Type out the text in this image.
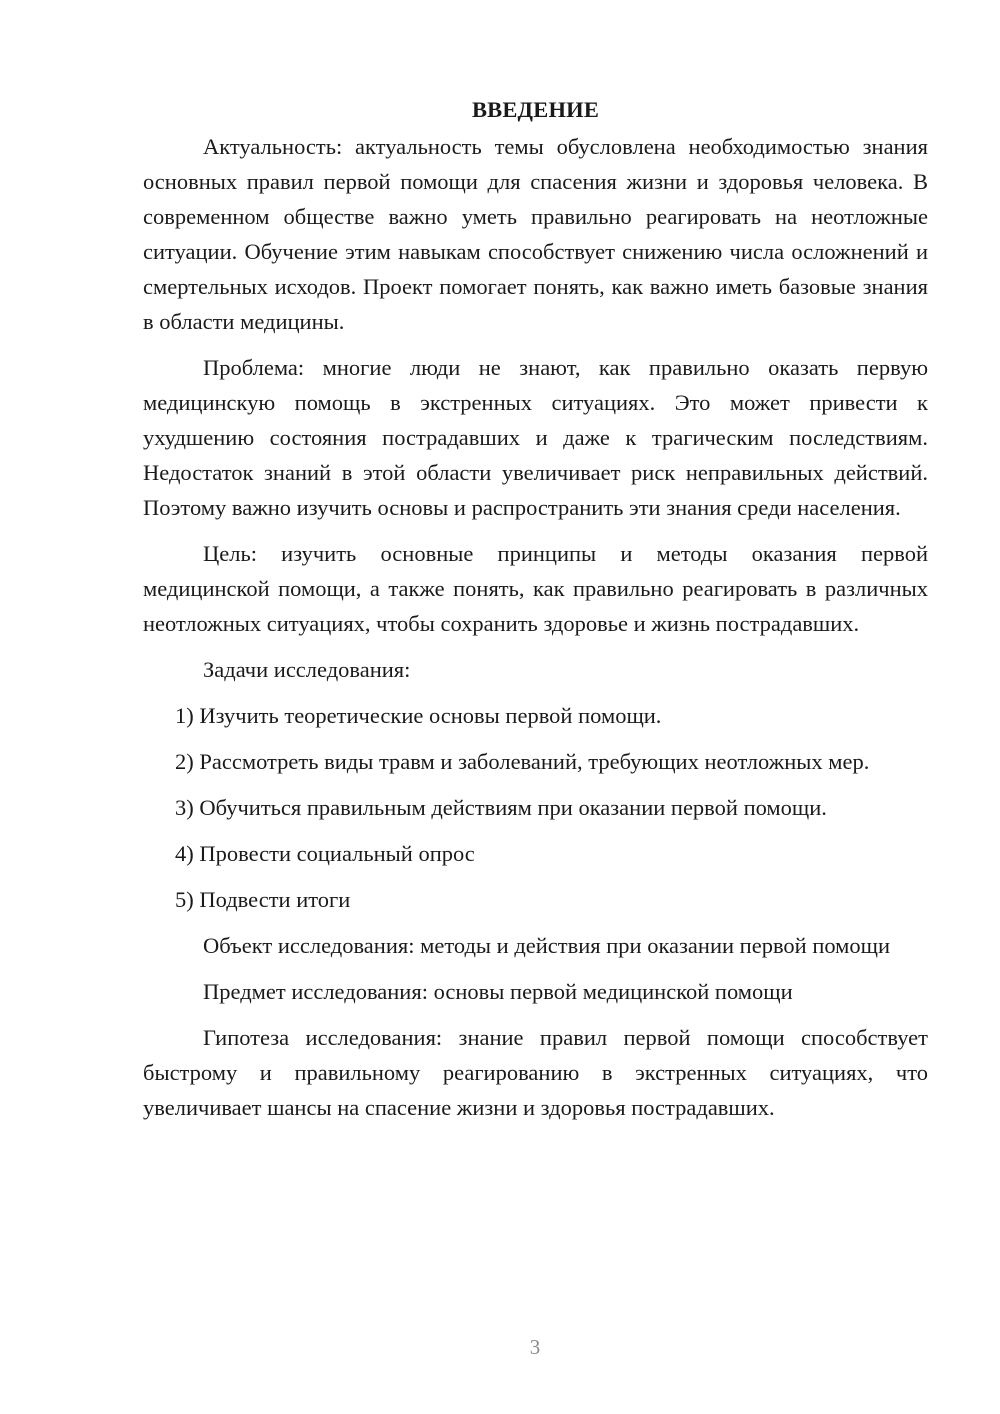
ВВЕДЕНИЕ

Актуальность: актуальность темы обусловлена необходимостью знания основных правил первой помощи для спасения жизни и здоровья человека. В современном обществе важно уметь правильно реагировать на неотложные ситуации. Обучение этим навыкам способствует снижению числа осложнений и смертельных исходов. Проект помогает понять, как важно иметь базовые знания в области медицины.

Проблема: многие люди не знают, как правильно оказать первую медицинскую помощь в экстренных ситуациях. Это может привести к ухудшению состояния пострадавших и даже к трагическим последствиям. Недостаток знаний в этой области увеличивает риск неправильных действий. Поэтому важно изучить основы и распространить эти знания среди населения.

Цель: изучить основные принципы и методы оказания первой медицинской помощи, а также понять, как правильно реагировать в различных неотложных ситуациях, чтобы сохранить здоровье и жизнь пострадавших.

Задачи исследования:

1) Изучить теоретические основы первой помощи.

2) Рассмотреть виды травм и заболеваний, требующих неотложных мер.

3) Обучиться правильным действиям при оказании первой помощи.

4) Провести социальный опрос

5) Подвести итоги

Объект исследования: методы и действия при оказании первой помощи

Предмет исследования: основы первой медицинской помощи

Гипотеза исследования: знание правил первой помощи способствует быстрому и правильному реагированию в экстренных ситуациях, что увеличивает шансы на спасение жизни и здоровья пострадавших.

3
